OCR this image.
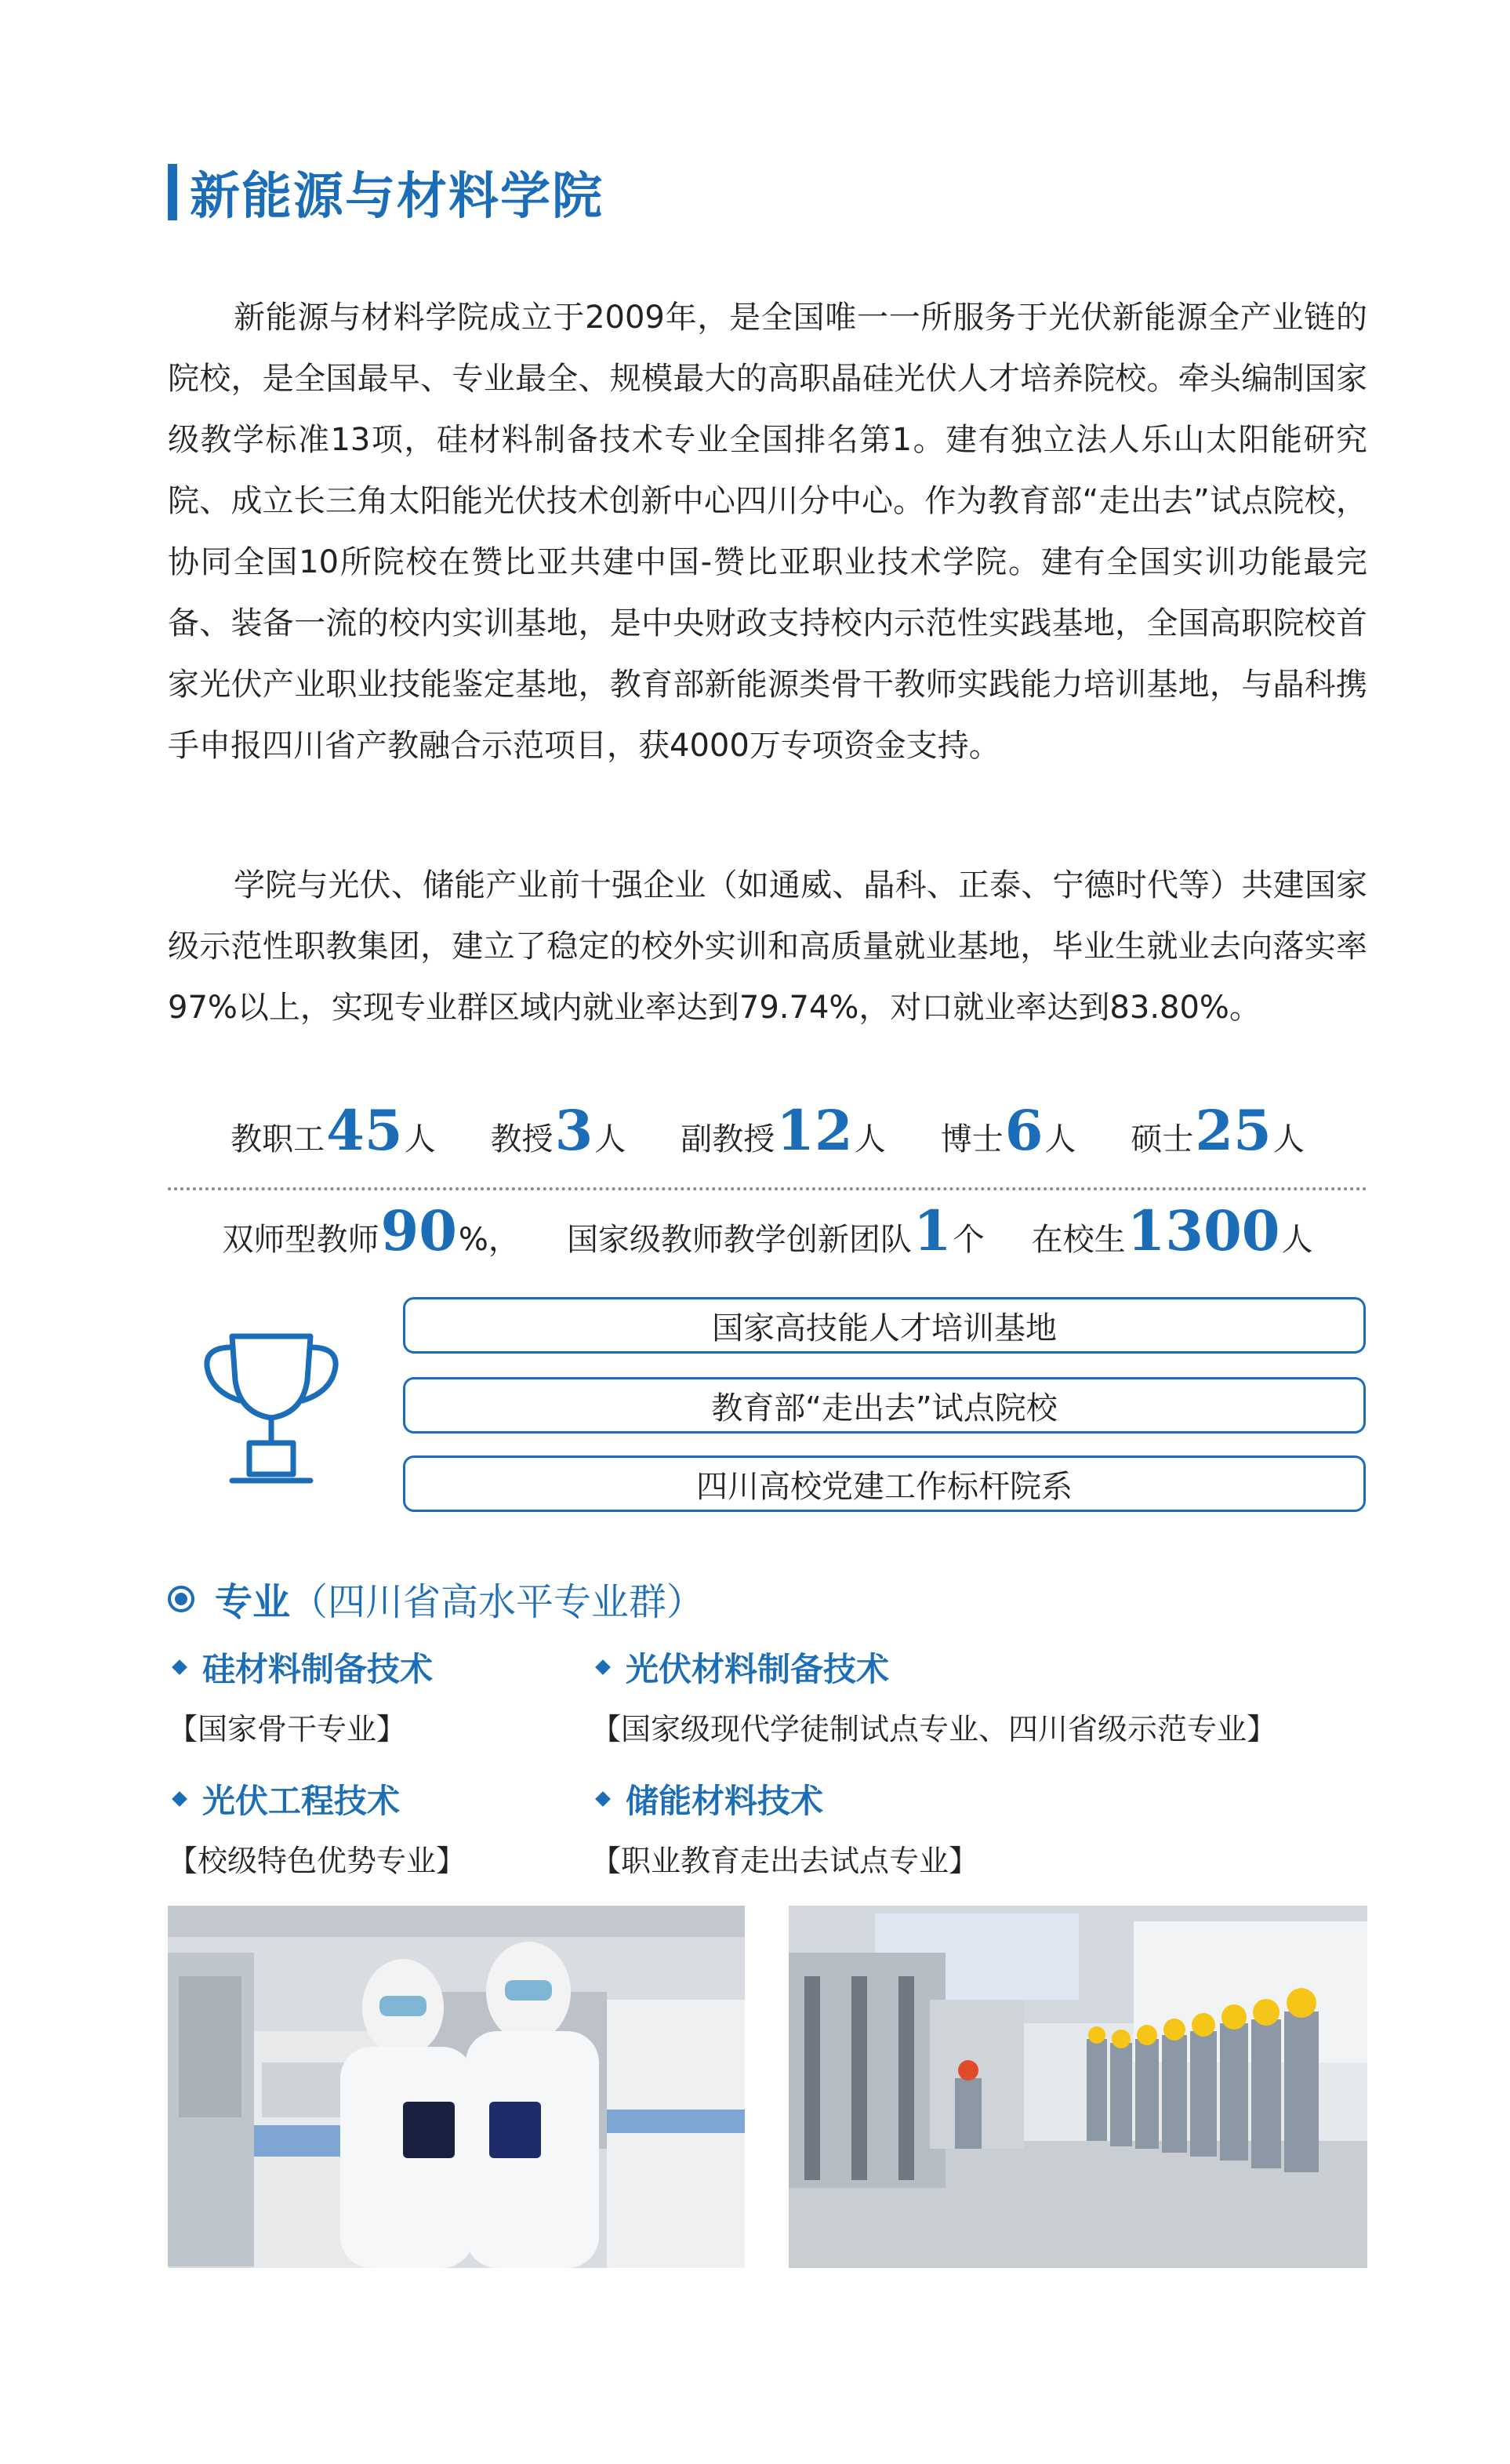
新能源与材料学院

新能源与材料学院成立于2009年，是全国唯一一所服务于光伏新能源全产业链的院校，是全国最早、专业最全、规模最大的高职晶硅光伏人才培养院校。牵头编制国家级教学标准13项，硅材料制备技术专业全国排名第1。建有独立法人乐山太阳能研究院、成立长三角太阳能光伏技术创新中心四川分中心。作为教育部“走出去”试点院校，协同全国10所院校在赞比亚共建中国-赞比亚职业技术学院。建有全国实训功能最完备、装备一流的校内实训基地，是中央财政支持校内示范性实践基地，全国高职院校首家光伏产业职业技能鉴定基地，教育部新能源类骨干教师实践能力培训基地，与晶科携手申报四川省产教融合示范项目，获4000万专项资金支持。

学院与光伏、储能产业前十强企业（如通威、晶科、正泰、宁德时代等）共建国家级示范性职教集团，建立了稳定的校外实训和高质量就业基地，毕业生就业去向落实率97%以上，实现专业群区域内就业率达到79.74%，对口就业率达到83.80%。

教职工 45 人 教授 3 人 副教授 12 人 博士 6 人 硕士 25 人
双师型教师 90 %， 国家级教师教学创新团队 1 个 在校生 1300 人
国家高技能人才培训基地
教育部“走出去”试点院校
四川高校党建工作标杆院系
专业 （四川省高水平专业群）
硅材料制备技术
【国家骨干专业】
光伏材料制备技术
【国家级现代学徒制试点专业、四川省级示范专业】
光伏工程技术
【校级特色优势专业】
储能材料技术
【职业教育走出去试点专业】
